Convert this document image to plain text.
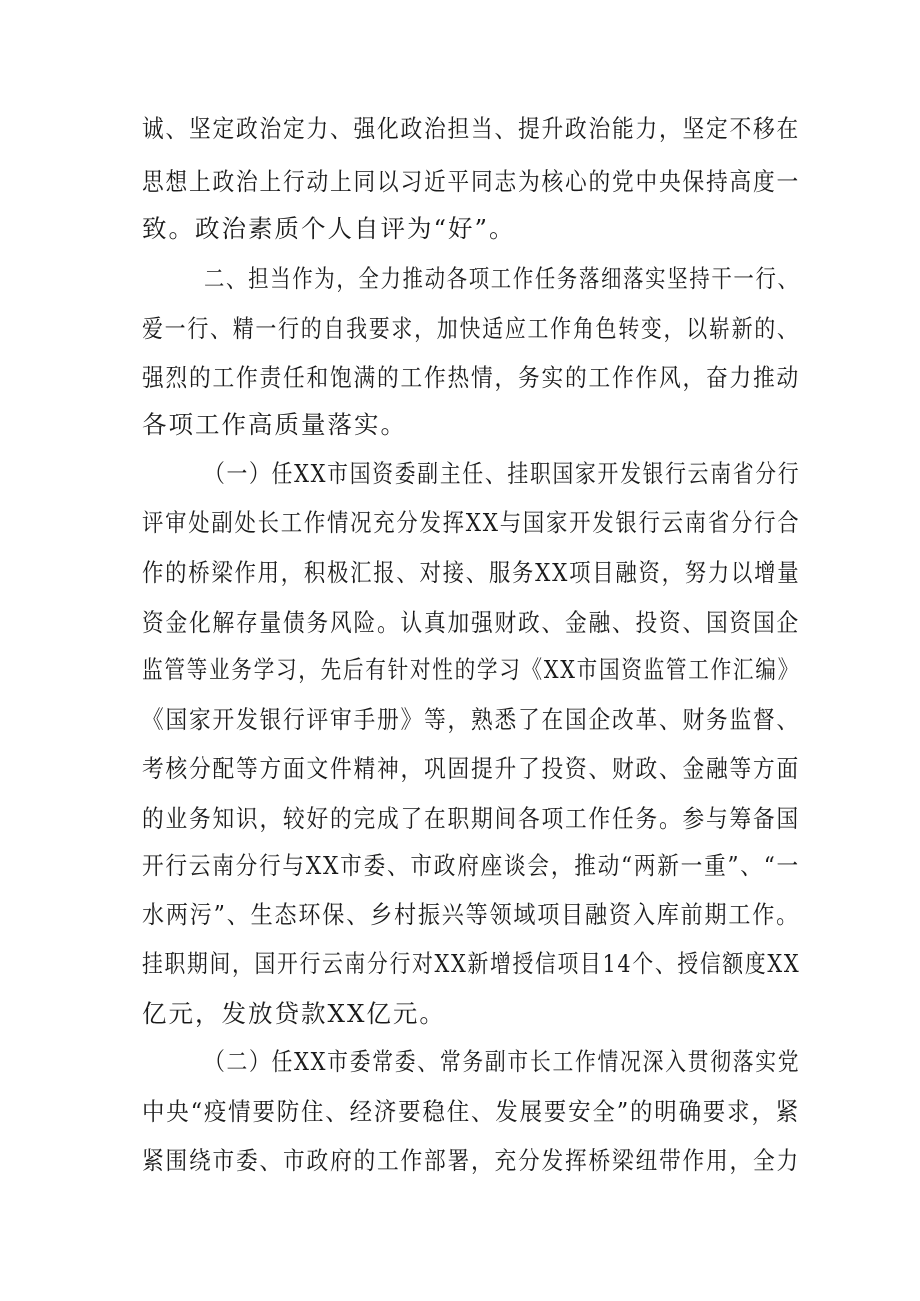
诚、坚定政治定力、强化政治担当、提升政治能力，坚定不移在
思想上政治上行动上同以习近平同志为核心的党中央保持高度一
致。政治素质个人自评为“好”。
二、担当作为，全力推动各项工作任务落细落实坚持干一行、
爱一行、精一行的自我要求，加快适应工作角色转变，以崭新的、
强烈的工作责任和饱满的工作热情，务实的工作作风，奋力推动
各项工作高质量落实。
（一）任XX市国资委副主任、挂职国家开发银行云南省分行
评审处副处长工作情况充分发挥XX与国家开发银行云南省分行合
作的桥梁作用，积极汇报、对接、服务XX项目融资，努力以增量
资金化解存量债务风险。认真加强财政、金融、投资、国资国企
监管等业务学习，先后有针对性的学习《XX市国资监管工作汇编》
《国家开发银行评审手册》等，熟悉了在国企改革、财务监督、
考核分配等方面文件精神，巩固提升了投资、财政、金融等方面
的业务知识，较好的完成了在职期间各项工作任务。参与筹备国
开行云南分行与XX市委、市政府座谈会，推动“两新一重”、“一
水两污”、生态环保、乡村振兴等领域项目融资入库前期工作。
挂职期间，国开行云南分行对XX新增授信项目14个、授信额度XX
亿元，发放贷款XX亿元。
（二）任XX市委常委、常务副市长工作情况深入贯彻落实党
中央“疫情要防住、经济要稳住、发展要安全”的明确要求，紧
紧围绕市委、市政府的工作部署，充分发挥桥梁纽带作用，全力
